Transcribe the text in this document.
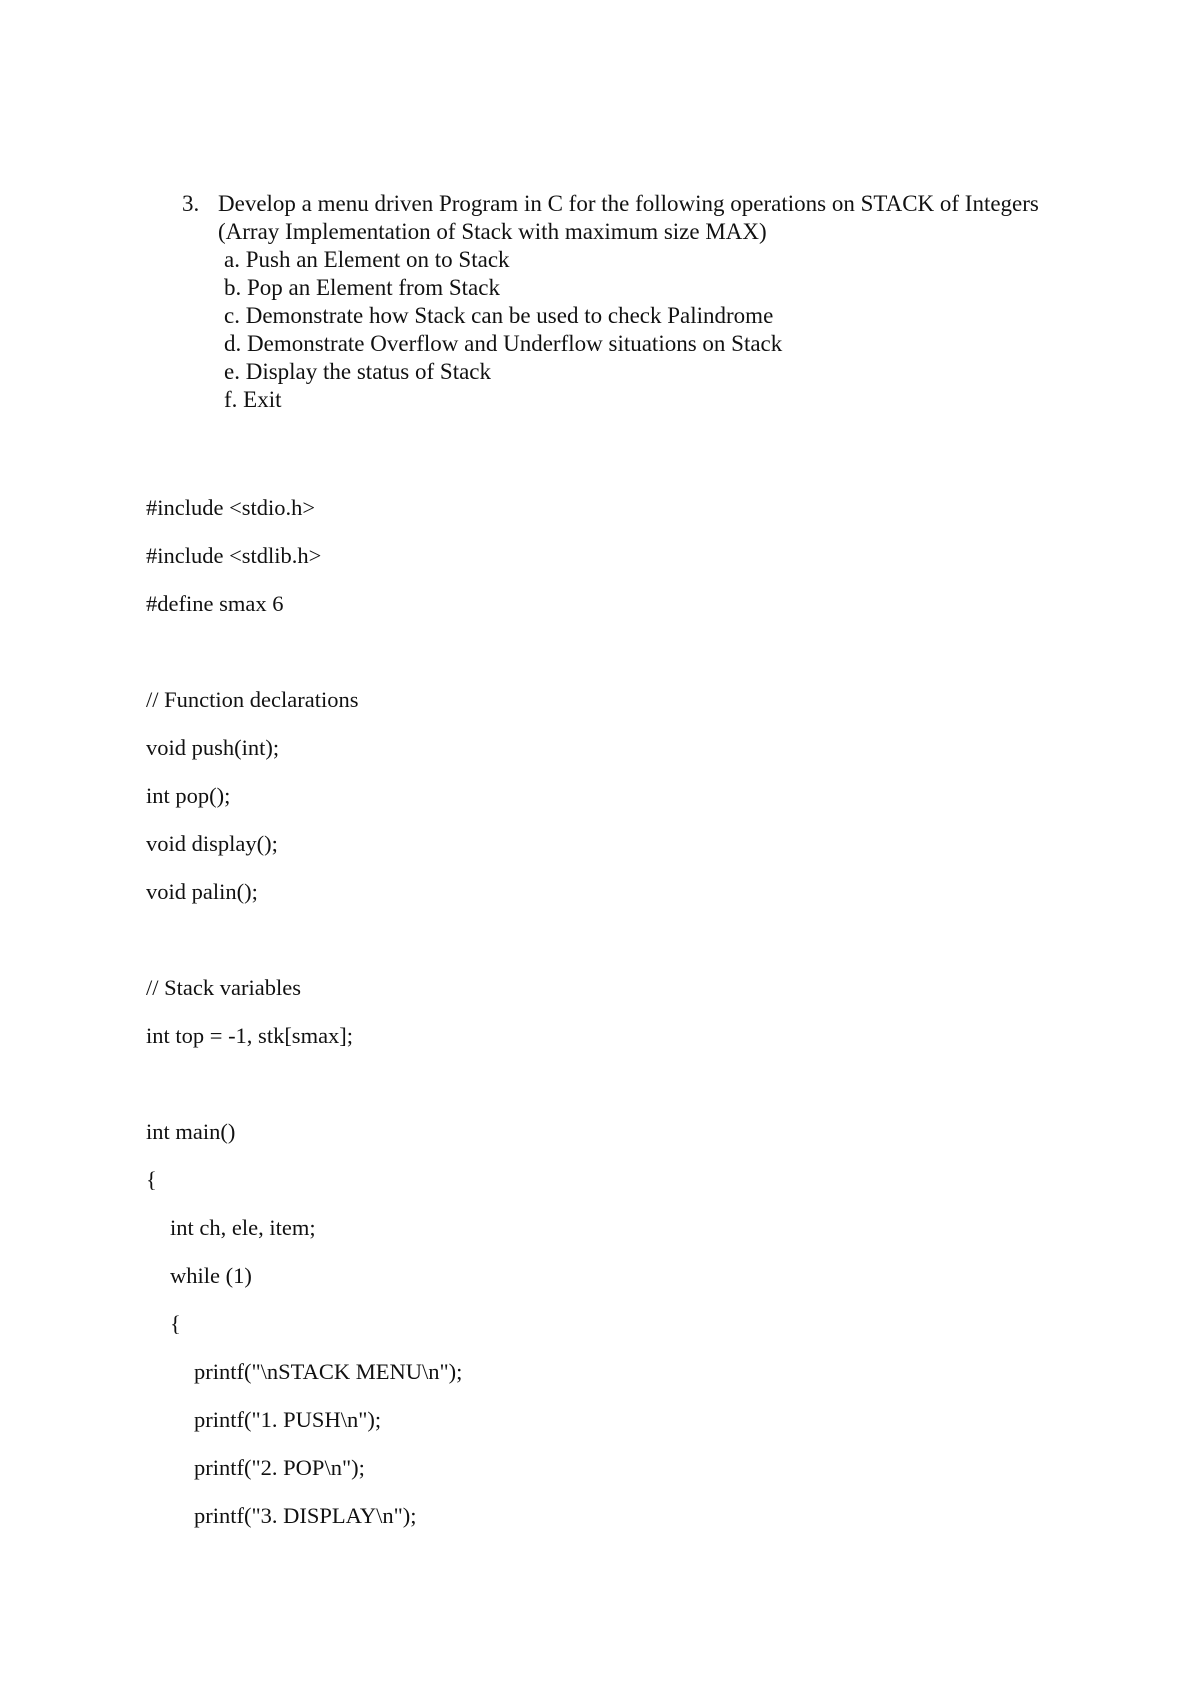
3. Develop a menu driven Program in C for the following operations on STACK of Integers (Array Implementation of Stack with maximum size MAX)
a. Push an Element on to Stack
b. Pop an Element from Stack
c. Demonstrate how Stack can be used to check Palindrome
d. Demonstrate Overflow and Underflow situations on Stack
e. Display the status of Stack
f. Exit
#include <stdio.h>
#include <stdlib.h>
#define smax 6
// Function declarations
void push(int);
int pop();
void display();
void palin();
// Stack variables
int top = -1, stk[smax];
int main()
{
int ch, ele, item;
while (1)
{
printf("\nSTACK MENU\n");
printf("1. PUSH\n");
printf("2. POP\n");
printf("3. DISPLAY\n");
